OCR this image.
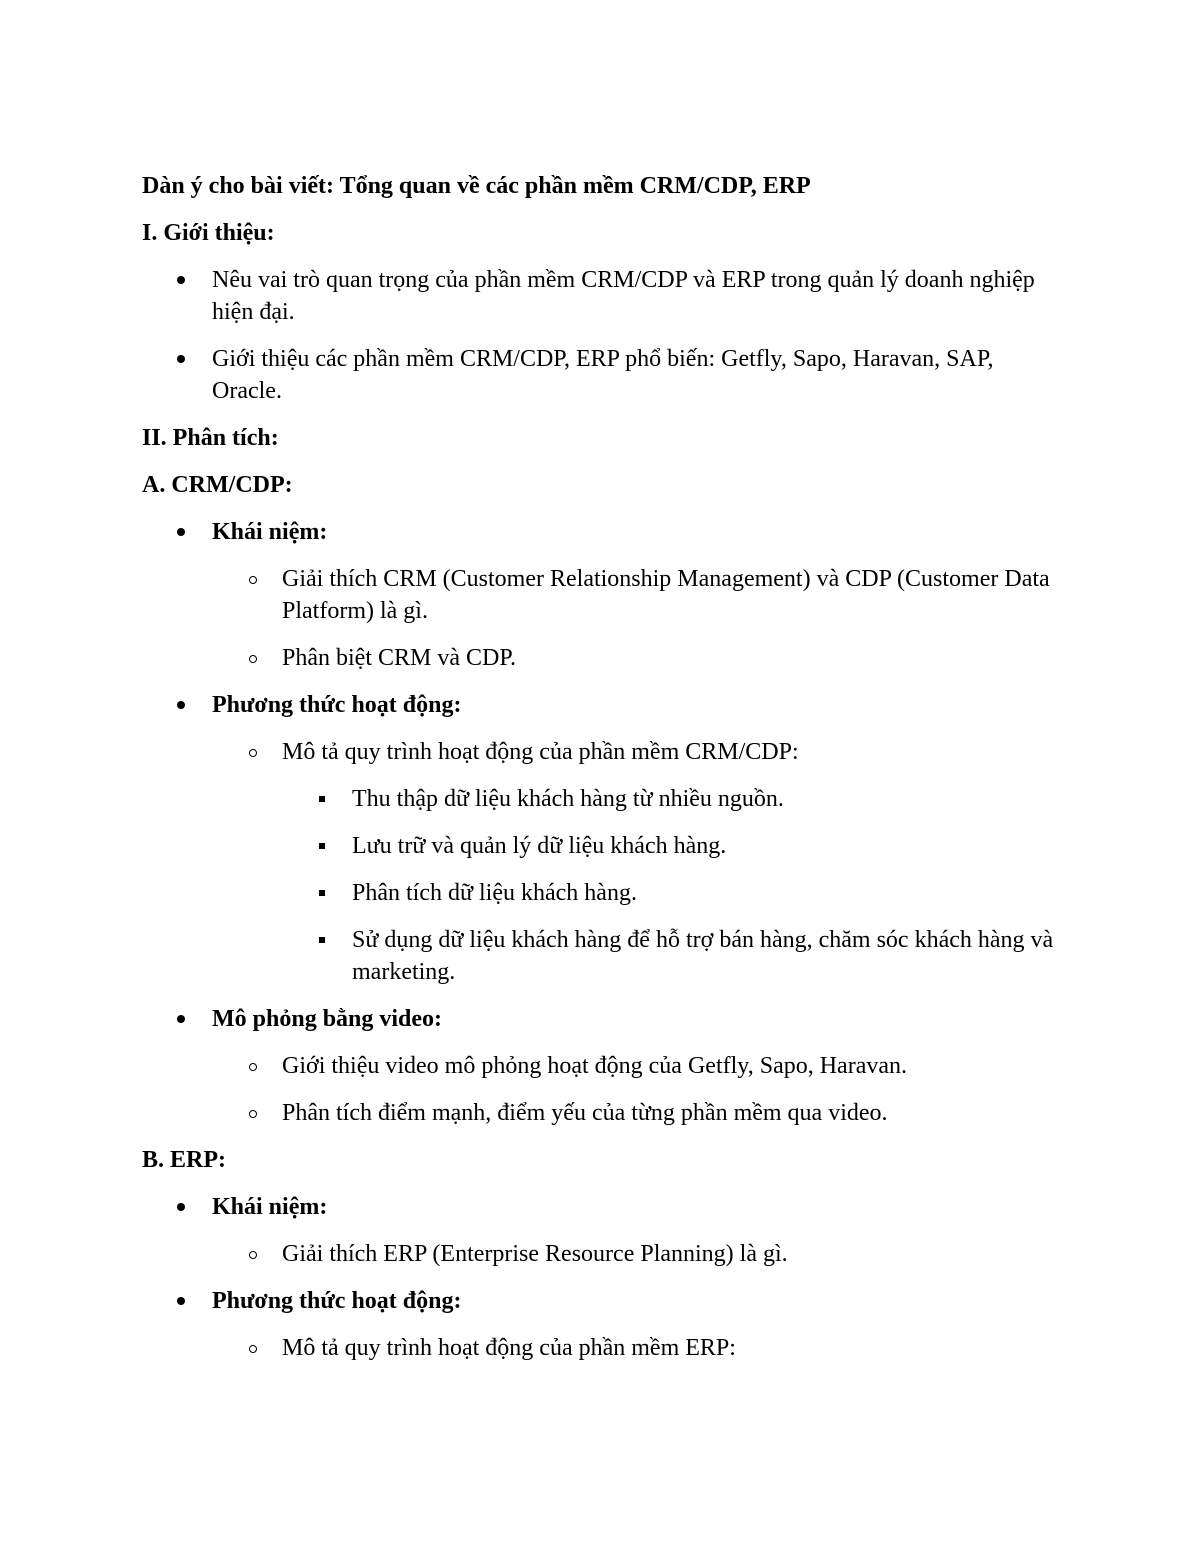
Dàn ý cho bài viết: Tổng quan về các phần mềm CRM/CDP, ERP

I. Giới thiệu:

Nêu vai trò quan trọng của phần mềm CRM/CDP và ERP trong quản lý doanh nghiệp hiện đại.
Giới thiệu các phần mềm CRM/CDP, ERP phổ biến: Getfly, Sapo, Haravan, SAP, Oracle.

II. Phân tích:

A. CRM/CDP:

Khái niệm:
Giải thích CRM (Customer Relationship Management) và CDP (Customer Data Platform) là gì.
Phân biệt CRM và CDP.
Phương thức hoạt động:
Mô tả quy trình hoạt động của phần mềm CRM/CDP:
Thu thập dữ liệu khách hàng từ nhiều nguồn.
Lưu trữ và quản lý dữ liệu khách hàng.
Phân tích dữ liệu khách hàng.
Sử dụng dữ liệu khách hàng để hỗ trợ bán hàng, chăm sóc khách hàng và marketing.
Mô phỏng bằng video:
Giới thiệu video mô phỏng hoạt động của Getfly, Sapo, Haravan.
Phân tích điểm mạnh, điểm yếu của từng phần mềm qua video.

B. ERP:

Khái niệm:
Giải thích ERP (Enterprise Resource Planning) là gì.
Phương thức hoạt động:
Mô tả quy trình hoạt động của phần mềm ERP:
